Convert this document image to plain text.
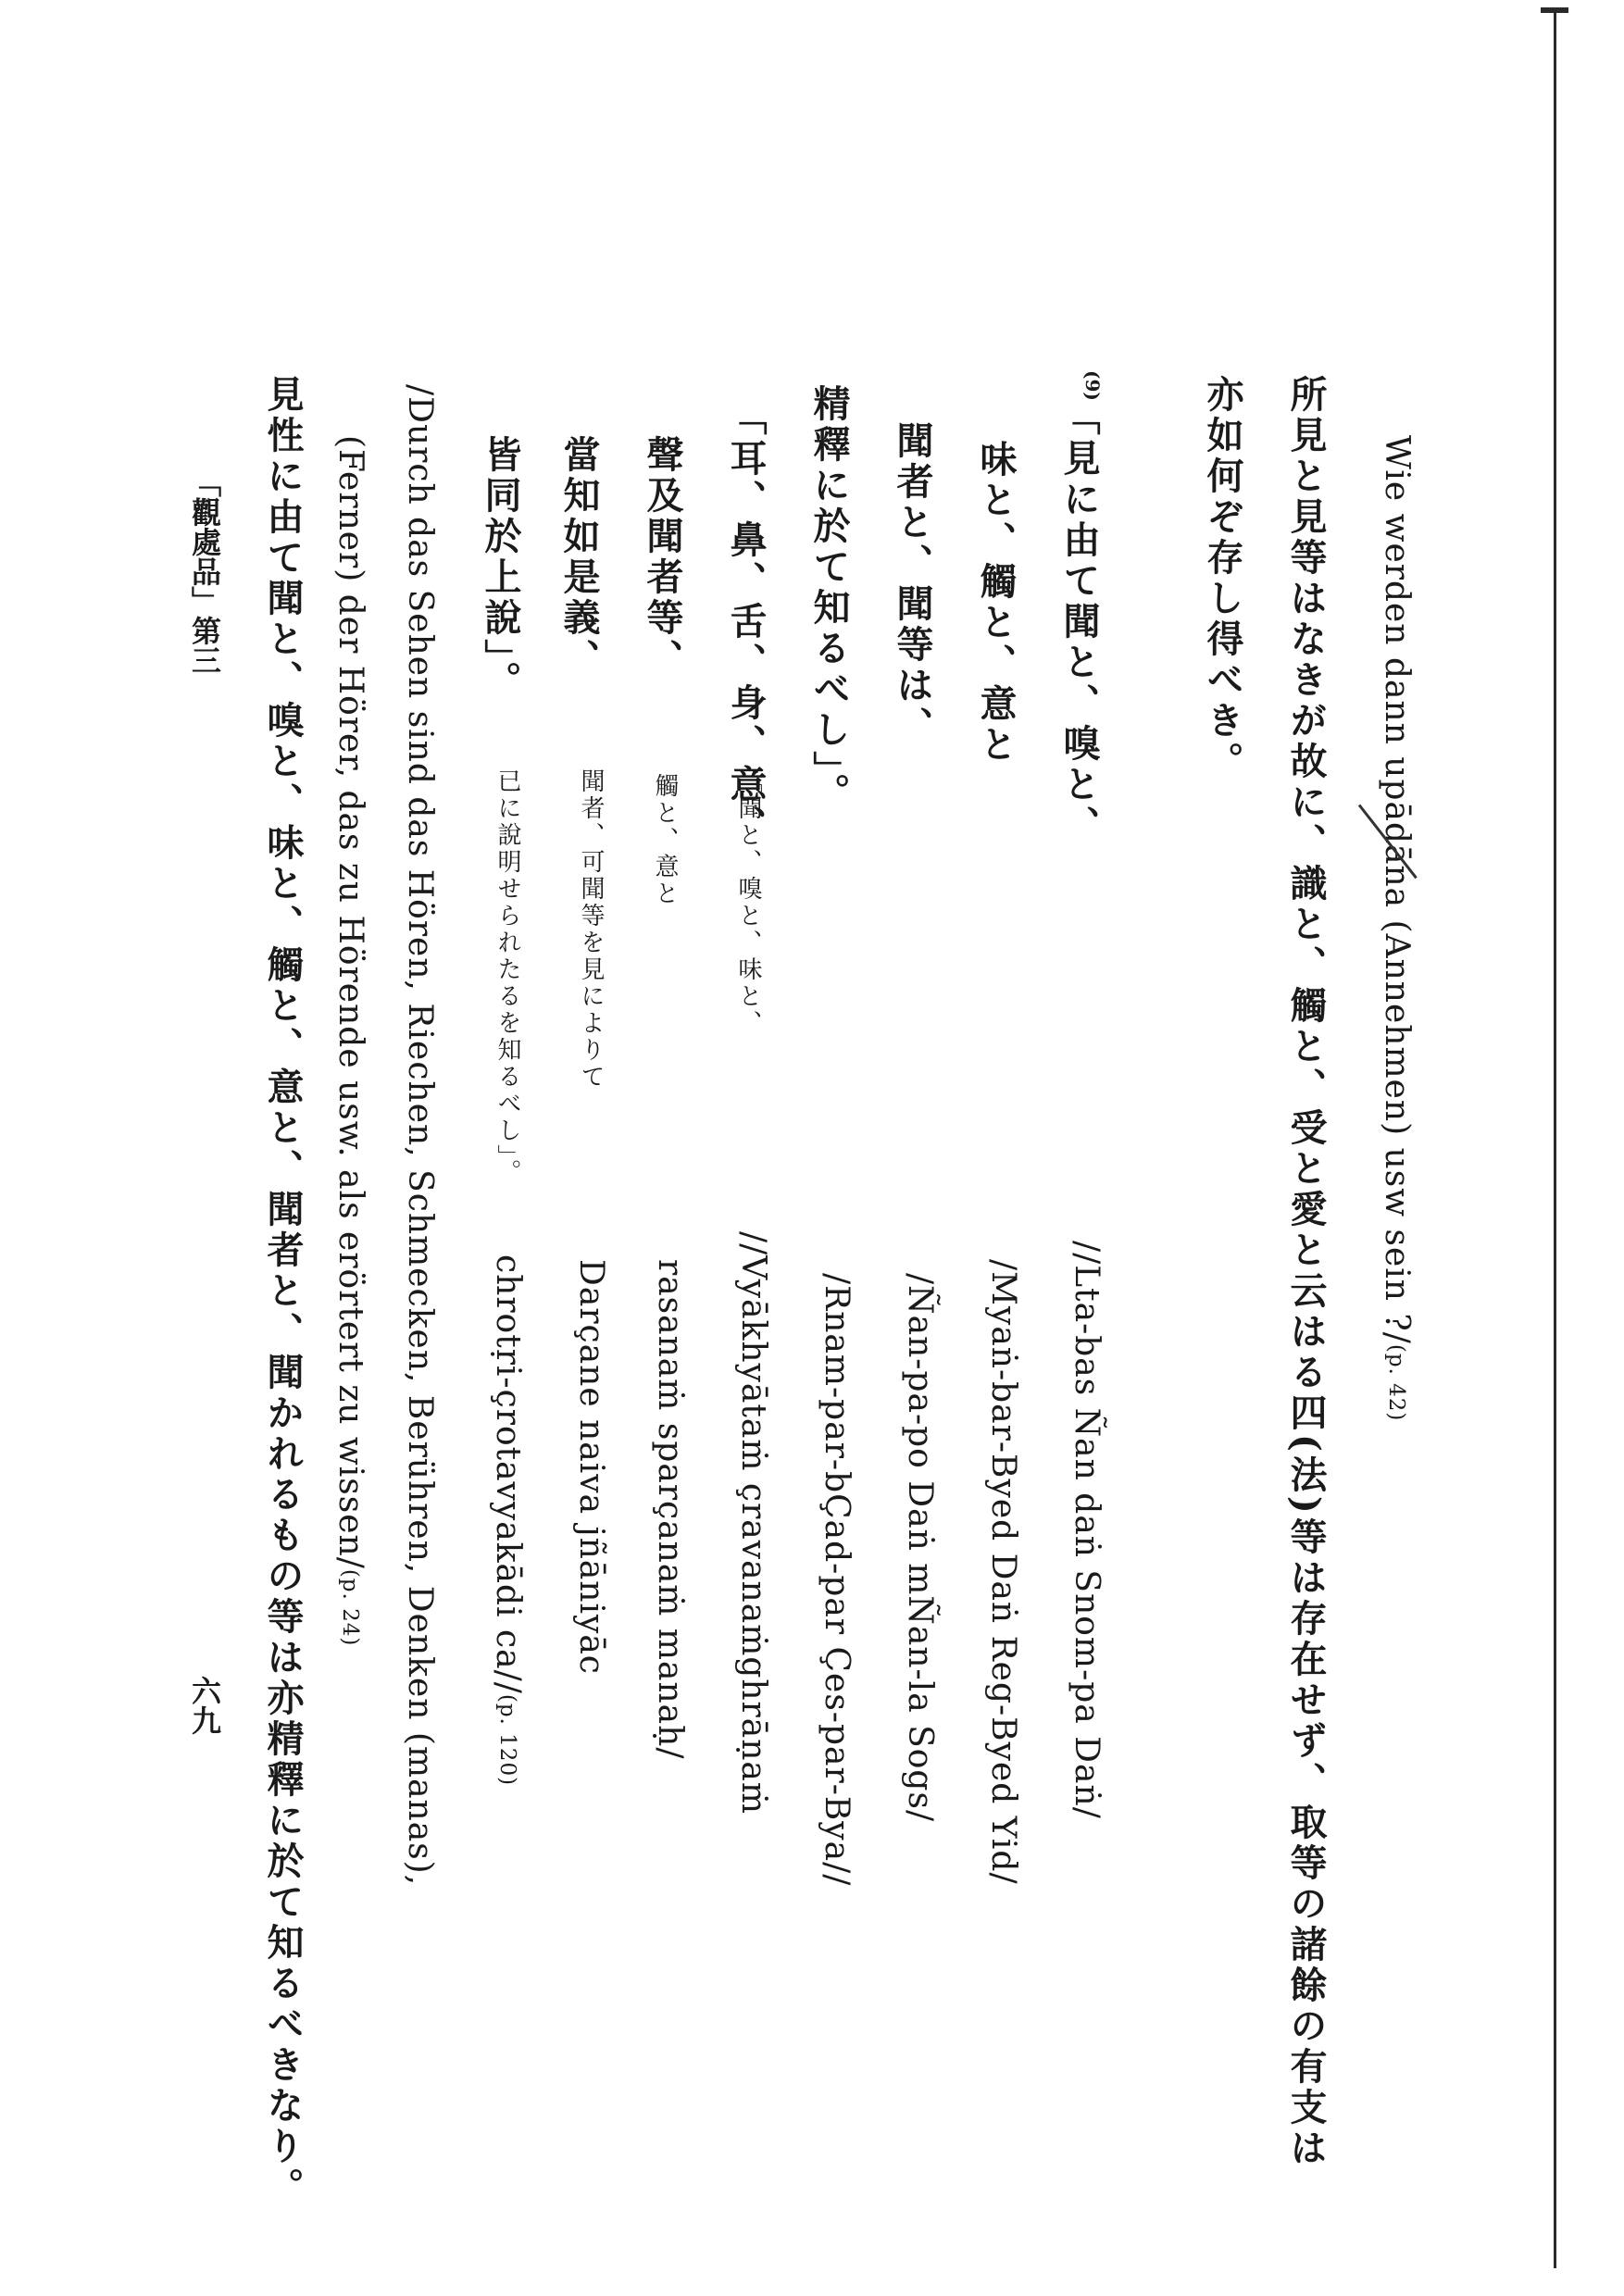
Wie werden dann upādāna (Annehmen) usw sein ?/(p. 42)
所見と見等はなきが故に、識と、觸と、受と愛と云はる四(法)等は存在せず、取等の諸餘の有支は
亦如何ぞ存し得べき。
(9)
「見に由て聞と、嗅と、
//Lta-bas Ñan daṅ Snom-pa Daṅ/
味と、觸と、意と
/Myaṅ-bar-Byed Daṅ Reg-Byed Yid/
聞者と、聞等は、
/Ñan-pa-po Daṅ mÑan-la Sogs/
精釋に於て知るべし」。
/Rnam-par-bÇad-par Çes-par-Bya//
「耳、鼻、舌、身、意、
「聞と、嗅と、味と、
//Vyākhyātaṁ çravanaṁghrāṇaṁ
聲及聞者等、
觸と、意と
rasanaṁ sparçanaṁ manaḥ/
當知如是義、
聞者、可聞等を見によりて
Darçane naiva jñāniyāc
皆同於上說」。
已に說明せられたるを知るべし」。
chrotṛi-çrotavyakādi ca//(p. 120)
/Durch das Sehen sind das Hören, Riechen, Schmecken, Berühren, Denken (manas),
(Ferner) der Hörer, das zu Hörende usw. als erörtert zu wissen/(p. 24)
見性に由て聞と、嗅と、味と、觸と、意と、聞者と、聞かれるもの等は亦精釋に於て知るべきなり。
「觀處品」第三
六九
